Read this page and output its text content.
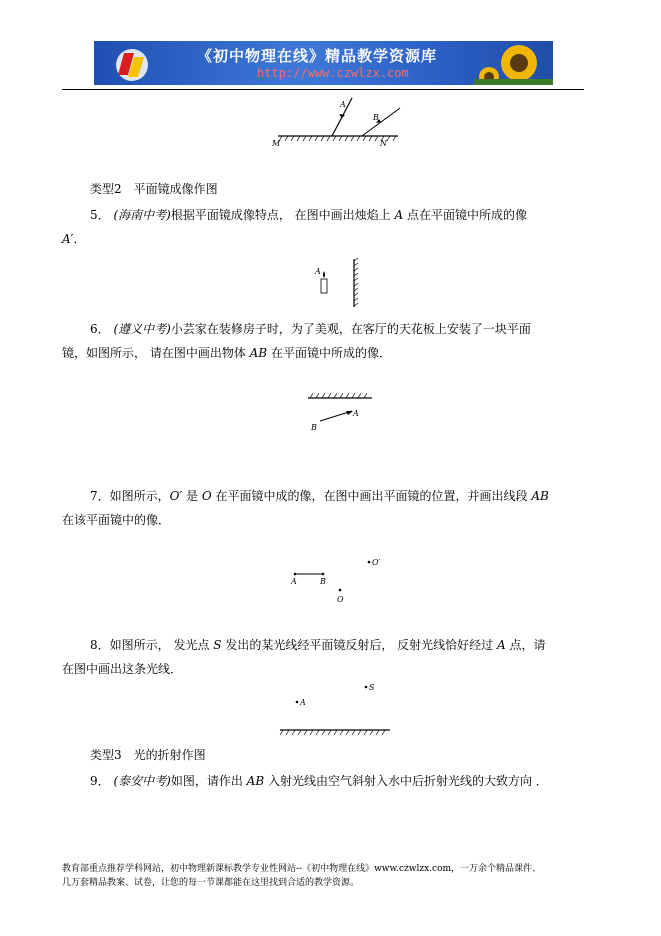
《初中物理在线》精品教学资源库
http://www.czwlzx.com
A
B
M	N
类型2　平面镜成像作图
5． (海南中考)根据平面镜成像特点， 在图中画出烛焰上 A 点在平面镜中所成的像
A′．
A
6． (遵义中考)小芸家在装修房子时，为了美观，在客厅的天花板上安装了一块平面
镜，如图所示， 请在图中画出物体 AB 在平面镜中所成的像．
A
B
7．如图所示，O′ 是 O 在平面镜中成的像，在图中画出平面镜的位置，并画出线段 AB
在该平面镜中的像．
A	B
O
O′
8．如图所示， 发光点 S 发出的某光线经平面镜反射后， 反射光线恰好经过 A 点，请
在图中画出这条光线．
S
A
类型3　光的折射作图
9． (泰安中考)如图，请作出 AB 入射光线由空气斜射入水中后折射光线的大致方向 ．
教育部重点推荐学科网站，初中物理新课标教学专业性网站--《初中物理在线》www.czwlzx.com，一万余个精品课件、
几万套精品教案、试卷，让您的每一节课都能在这里找到合适的教学资源。
